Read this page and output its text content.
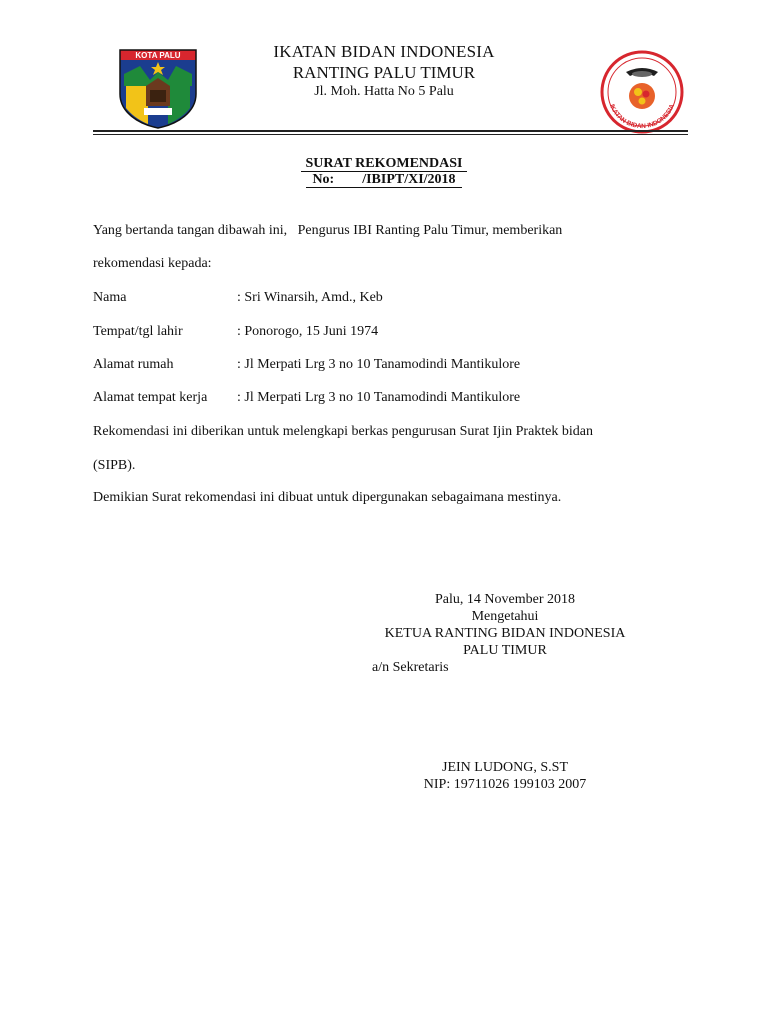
KOTA PALU
IKATAN BIDAN INDONESIA
IKATAN BIDAN INDONESIA
RANTING PALU TIMUR
Jl. Moh. Hatta No 5 Palu
SURAT REKOMENDASI
No:        /IBIPT/XI/2018
Yang bertanda tangan dibawah ini,   Pengurus IBI Ranting Palu Timur, memberikan
rekomendasi kepada:
Nama	: Sri Winarsih, Amd., Keb
Tempat/tgl lahir	: Ponorogo, 15 Juni 1974
Alamat rumah	: Jl Merpati Lrg 3 no 10 Tanamodindi Mantikulore
Alamat tempat kerja : Jl Merpati Lrg 3 no 10 Tanamodindi Mantikulore
Rekomendasi ini diberikan untuk melengkapi berkas pengurusan Surat Ijin Praktek bidan
(SIPB).
Demikian Surat rekomendasi ini dibuat untuk dipergunakan sebagaimana mestinya.
Palu, 14 November 2018
Mengetahui
KETUA RANTING BIDAN INDONESIA
PALU TIMUR
a/n Sekretaris
JEIN LUDONG, S.ST
NIP: 19711026 199103 2007
